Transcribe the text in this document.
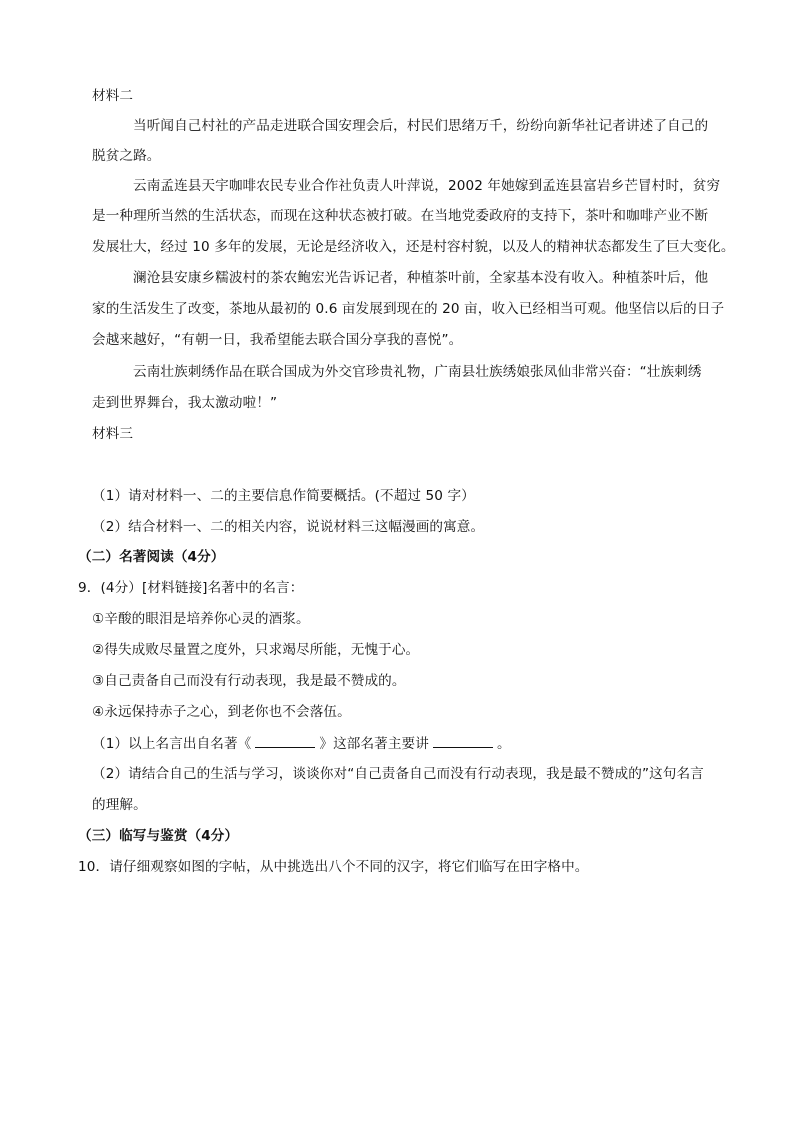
材料二
当听闻自己村社的产品走进联合国安理会后，村民们思绪万千，纷纷向新华社记者讲述了自己的
脱贫之路。
云南孟连县天宇咖啡农民专业合作社负责人叶萍说，2002 年她嫁到孟连县富岩乡芒冒村时，贫穷
是一种理所当然的生活状态，而现在这种状态被打破。在当地党委政府的支持下，茶叶和咖啡产业不断
发展壮大，经过 10 多年的发展，无论是经济收入，还是村容村貌，以及人的精神状态都发生了巨大变化。
澜沧县安康乡糯波村的茶农鲍宏光告诉记者，种植茶叶前，全家基本没有收入。种植茶叶后，他
家的生活发生了改变，茶地从最初的 0.6 亩发展到现在的 20 亩，收入已经相当可观。他坚信以后的日子
会越来越好，“有朝一日，我希望能去联合国分享我的喜悦”。
云南壮族刺绣作品在联合国成为外交官珍贵礼物，广南县壮族绣娘张凤仙非常兴奋：“壮族刺绣
走到世界舞台，我太激动啦！”
材料三
（1）请对材料一、二的主要信息作简要概括。(不超过 50 字）
（2）结合材料一、二的相关内容，说说材料三这幅漫画的寓意。
（二）名著阅读（4分）
9．(4分）[材料链接]名著中的名言：
①辛酸的眼泪是培养你心灵的酒浆。
②得失成败尽量置之度外，只求竭尽所能，无愧于心。
③自己责备自己而没有行动表现，我是最不赞成的。
④永远保持赤子之心，到老你也不会落伍。
（1）以上名言出自名著《	》这部名著主要讲	。
（2）请结合自己的生活与学习，谈谈你对“自己责备自己而没有行动表现，我是最不赞成的”这句名言
的理解。
（三）临写与鉴赏（4分）
10．请仔细观察如图的字帖，从中挑选出八个不同的汉字，将它们临写在田字格中。
